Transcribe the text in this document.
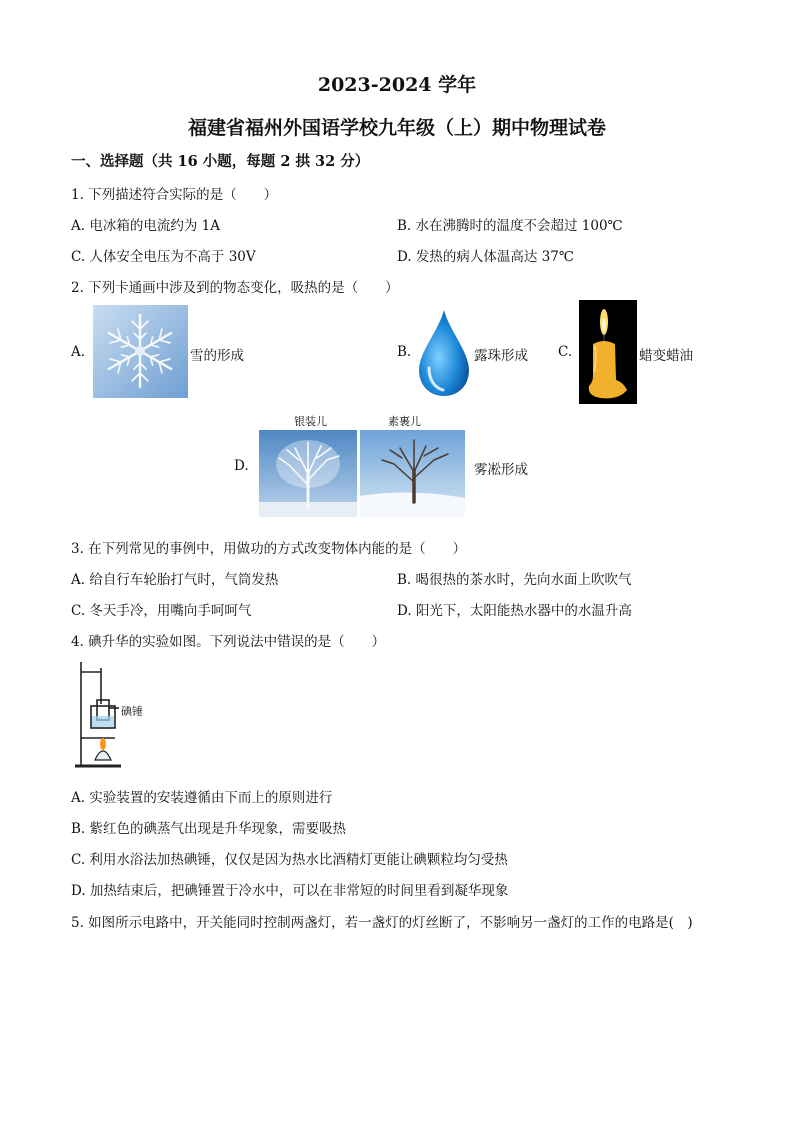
2023-2024 学年
福建省福州外国语学校九年级（上）期中物理试卷
一、选择题（共 16 小题，每题 2 拱 32 分）
1. 下列描述符合实际的是（　　）
A. 电冰箱的电流约为 1A	B. 水在沸腾时的温度不会超过 100℃
C. 人体安全电压为不高于 30V	D. 发热的病人体温高达 37℃
2. 下列卡通画中涉及到的物态变化，吸热的是（　　）
A.	雪的形成	B.	露珠形成 C.	蜡变蜡油
银装儿	素裹儿
D.	雾凇形成
3. 在下列常见的事例中，用做功的方式改变物体内能的是（　　）
A. 给自行车轮胎打气时，气筒发热	B. 喝很热的茶水时，先向水面上吹吹气
C. 冬天手冷，用嘴向手呵呵气	D. 阳光下，太阳能热水器中的水温升高
4. 碘升华的实验如图。下列说法中错误的是（　　）
碘锤
A. 实验装置的安装遵循由下而上的原则进行
B. 紫红色的碘蒸气出现是升华现象，需要吸热
C. 利用水浴法加热碘锤，仅仅是因为热水比酒精灯更能让碘颗粒均匀受热
D. 加热结束后，把碘锤置于冷水中，可以在非常短的时间里看到凝华现象
5. 如图所示电路中，开关能同时控制两盏灯，若一盏灯的灯丝断了，不影响另一盏灯的工作的电路是(　)
